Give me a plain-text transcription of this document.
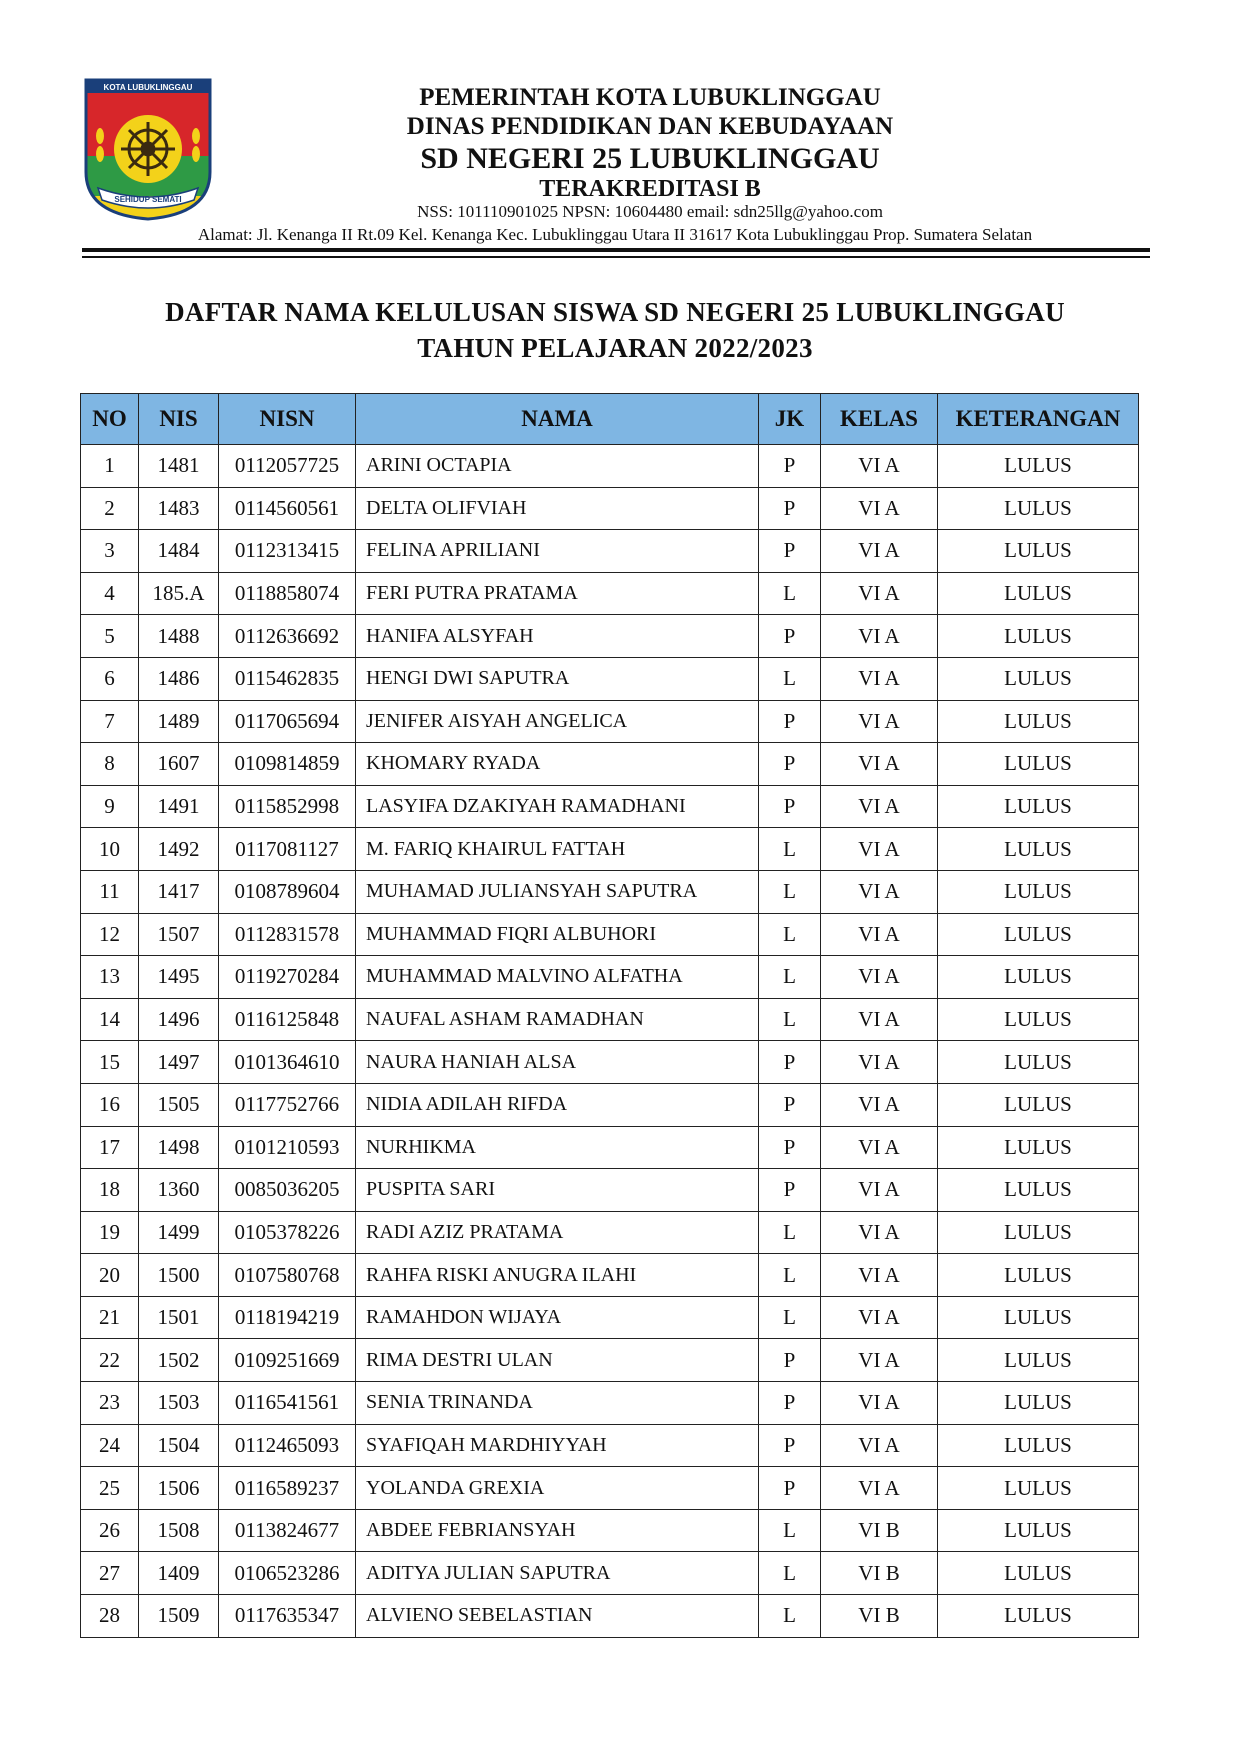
KOTA LUBUKLINGGAU
SEHIDUP SEMATI
PEMERINTAH KOTA LUBUKLINGGAU
DINAS PENDIDIKAN DAN KEBUDAYAAN
SD NEGERI 25 LUBUKLINGGAU
TERAKREDITASI B
NSS: 101110901025 NPSN: 10604480 email: sdn25llg@yahoo.com
Alamat: Jl. Kenanga II Rt.09 Kel. Kenanga Kec. Lubuklinggau Utara II 31617 Kota Lubuklinggau Prop. Sumatera Selatan
DAFTAR NAMA KELULUSAN SISWA SD NEGERI 25 LUBUKLINGGAU
TAHUN PELAJARAN 2022/2023
NO	NIS	NISN	NAMA	JK	KELAS	KETERANGAN
1	1481	0112057725	ARINI OCTAPIA	P	VI A	LULUS
2	1483	0114560561	DELTA OLIFVIAH	P	VI A	LULUS
3	1484	0112313415	FELINA APRILIANI	P	VI A	LULUS
4	185.A	0118858074	FERI PUTRA PRATAMA	L	VI A	LULUS
5	1488	0112636692	HANIFA ALSYFAH	P	VI A	LULUS
6	1486	0115462835	HENGI DWI SAPUTRA	L	VI A	LULUS
7	1489	0117065694	JENIFER AISYAH ANGELICA	P	VI A	LULUS
8	1607	0109814859	KHOMARY RYADA	P	VI A	LULUS
9	1491	0115852998	LASYIFA DZAKIYAH RAMADHANI	P	VI A	LULUS
10	1492	0117081127	M. FARIQ KHAIRUL FATTAH	L	VI A	LULUS
11	1417	0108789604	MUHAMAD JULIANSYAH SAPUTRA	L	VI A	LULUS
12	1507	0112831578	MUHAMMAD FIQRI ALBUHORI	L	VI A	LULUS
13	1495	0119270284	MUHAMMAD MALVINO ALFATHA	L	VI A	LULUS
14	1496	0116125848	NAUFAL ASHAM RAMADHAN	L	VI A	LULUS
15	1497	0101364610	NAURA HANIAH ALSA	P	VI A	LULUS
16	1505	0117752766	NIDIA ADILAH RIFDA	P	VI A	LULUS
17	1498	0101210593	NURHIKMA	P	VI A	LULUS
18	1360	0085036205	PUSPITA SARI	P	VI A	LULUS
19	1499	0105378226	RADI AZIZ PRATAMA	L	VI A	LULUS
20	1500	0107580768	RAHFA RISKI ANUGRA ILAHI	L	VI A	LULUS
21	1501	0118194219	RAMAHDON WIJAYA	L	VI A	LULUS
22	1502	0109251669	RIMA DESTRI ULAN	P	VI A	LULUS
23	1503	0116541561	SENIA TRINANDA	P	VI A	LULUS
24	1504	0112465093	SYAFIQAH MARDHIYYAH	P	VI A	LULUS
25	1506	0116589237	YOLANDA GREXIA	P	VI A	LULUS
26	1508	0113824677	ABDEE FEBRIANSYAH	L	VI B	LULUS
27	1409	0106523286	ADITYA JULIAN SAPUTRA	L	VI B	LULUS
28	1509	0117635347	ALVIENO SEBELASTIAN	L	VI B	LULUS
